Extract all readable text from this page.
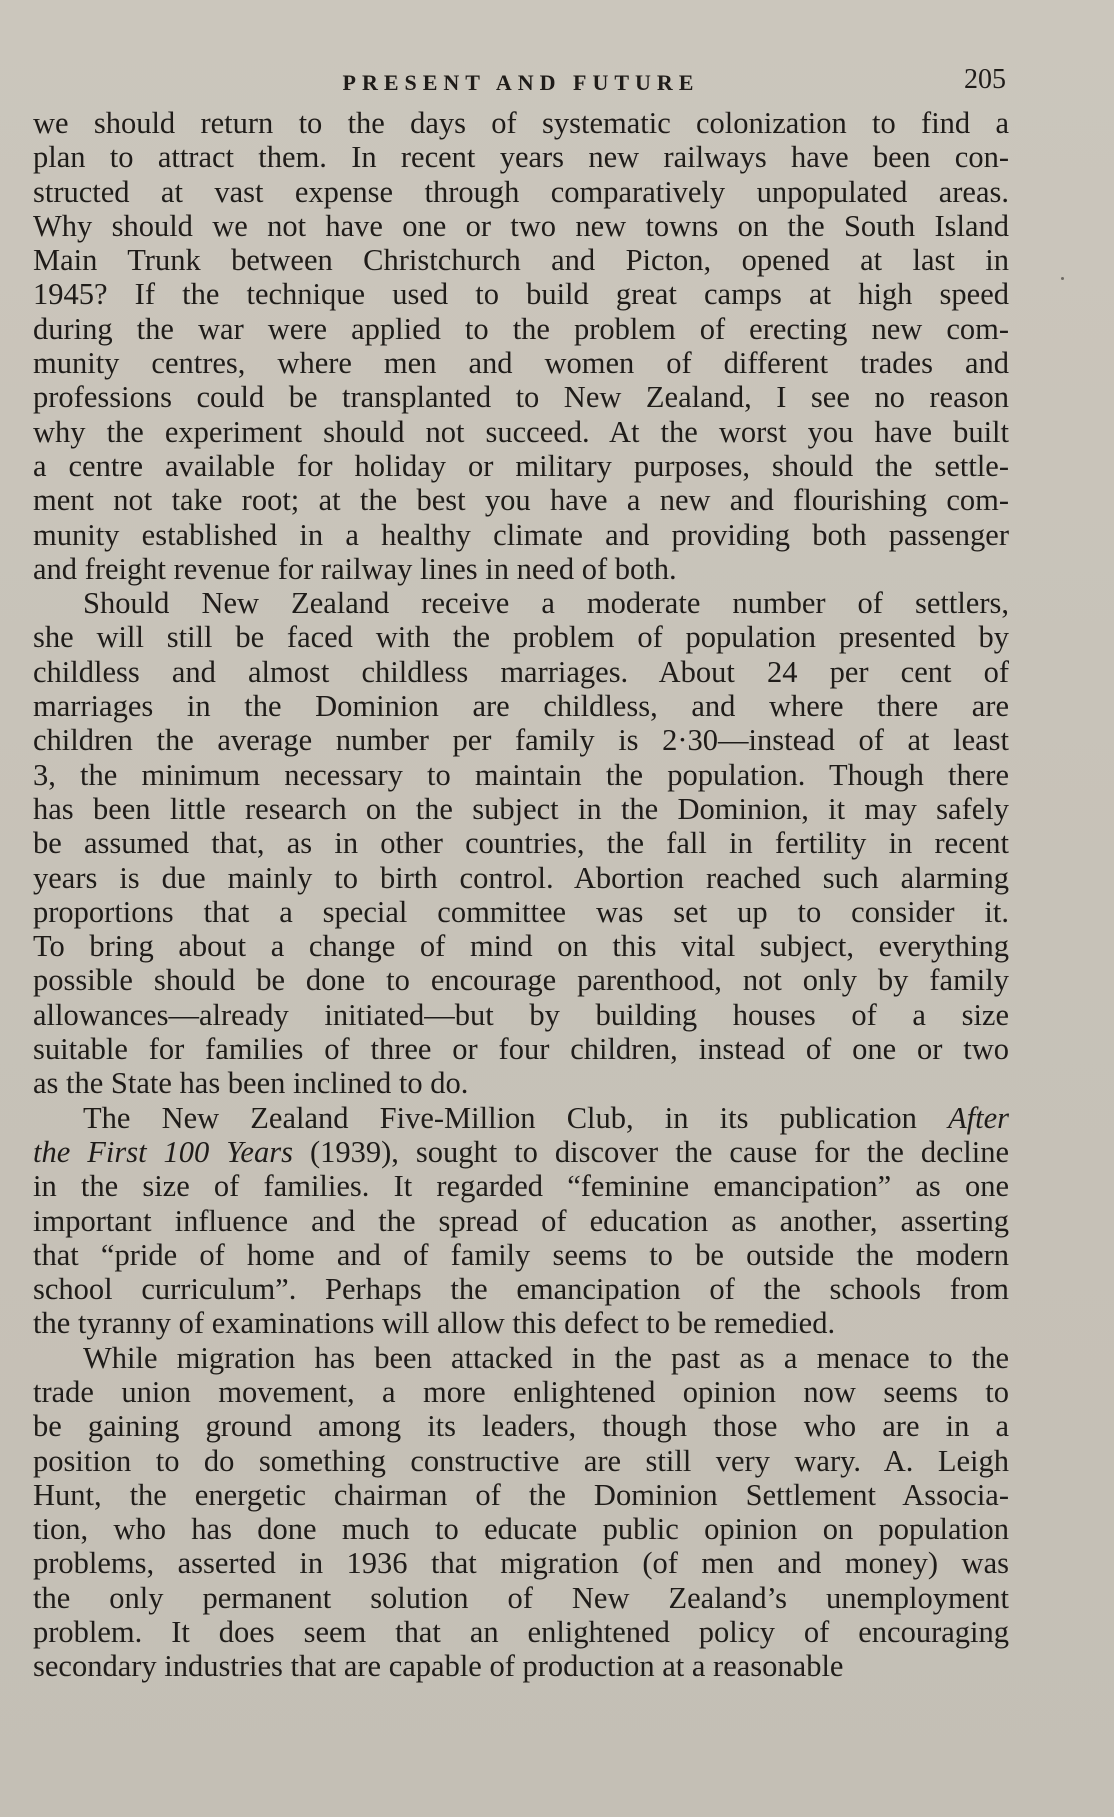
PRESENT AND FUTURE	205

we should return to the days of systematic colonization to find a

plan to attract them. In recent years new railways have been con-

structed at vast expense through comparatively unpopulated areas.

Why should we not have one or two new towns on the South Island

Main Trunk between Christchurch and Picton, opened at last in

1945? If the technique used to build great camps at high speed

during the war were applied to the problem of erecting new com-

munity centres, where men and women of different trades and

professions could be transplanted to New Zealand, I see no reason

why the experiment should not succeed. At the worst you have built

a centre available for holiday or military purposes, should the settle-

ment not take root; at the best you have a new and flourishing com-

munity established in a healthy climate and providing both passenger

and freight revenue for railway lines in need of both.

Should New Zealand receive a moderate number of settlers,

she will still be faced with the problem of population presented by

childless and almost childless marriages. About 24 per cent of

marriages in the Dominion are childless, and where there are

children the average number per family is 2·30—instead of at least

3, the minimum necessary to maintain the population. Though there

has been little research on the subject in the Dominion, it may safely

be assumed that, as in other countries, the fall in fertility in recent

years is due mainly to birth control. Abortion reached such alarming

proportions that a special committee was set up to consider it.

To bring about a change of mind on this vital subject, everything

possible should be done to encourage parenthood, not only by family

allowances—already initiated—but by building houses of a size

suitable for families of three or four children, instead of one or two

as the State has been inclined to do.

The New Zealand Five-Million Club, in its publication After

the First 100 Years (1939), sought to discover the cause for the decline

in the size of families. It regarded “feminine emancipation” as one

important influence and the spread of education as another, asserting

that “pride of home and of family seems to be outside the modern

school curriculum”. Perhaps the emancipation of the schools from

the tyranny of examinations will allow this defect to be remedied.

While migration has been attacked in the past as a menace to the

trade union movement, a more enlightened opinion now seems to

be gaining ground among its leaders, though those who are in a

position to do something constructive are still very wary. A. Leigh

Hunt, the energetic chairman of the Dominion Settlement Associa-

tion, who has done much to educate public opinion on population

problems, asserted in 1936 that migration (of men and money) was

the only permanent solution of New Zealand’s unemployment

problem. It does seem that an enlightened policy of encouraging

secondary industries that are capable of production at a reasonable
